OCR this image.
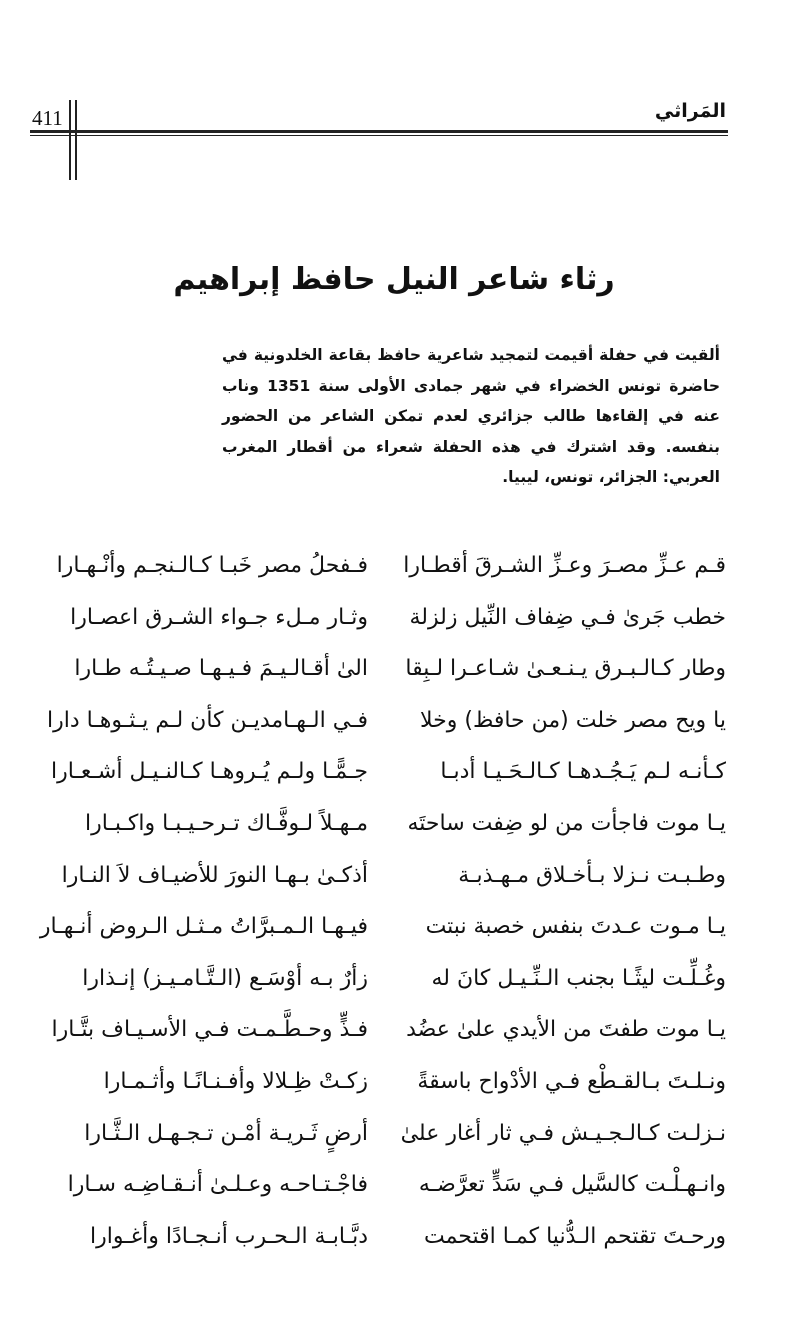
411	المَراثي
رثاء شاعر النيل حافظ إبراهيم
ألقيت في حفلة أقيمت لتمجيد شاعرية حافظ بقاعة الخلدونية في حاضرة تونس الخضراء في شهر جمادى الأولى سنة 1351 وناب عنه في إلقاءها طالب جزائري لعدم تمكن الشاعر من الحضور بنفسه. وقد اشترك في هذه الحفلة شعراء من أقطار المغرب العربي: الجزائر، تونس، ليبيا.
قـم عـزِّ مصـرَ وعـزِّ الشـرقَ أقطـارا
فـفحلُ مصر خَبـا كـالـنجـم وأنْـهـارا
خطب جَرىٰ فـي ضِفاف النِّيل زلزلة
وثـار مـلء جـواء الشـرق اعصـارا
وطار كـالـبـرق يـنـعـىٰ شـاعـرا لـبِقا
الىٰ أقـالـيـمَ فـيـهـا صـيـتُـه طـارا
يا ويح مصر خلت (من حافظ) وخلا
فـي الـهـامديـن كأن لـم يـثـوهـا دارا
كـأنـه لـم يَـجُـدهـا كـالـحَـيـا أدبـا
جـمًّـا ولـم يُـروهـا كـالنـيـل أشـعـارا
يـا موت فاجأت من لو ضِفت ساحتَه
مـهـلاً لـوفَّـاك تـرحـيـبـا واكـبـارا
وطـبـت نـزلا بـأخـلاق مـهـذبـة
أذكـىٰ بـهـا النورَ للأضيـاف لاَ النـارا
يـا مـوت عـدتَ بنفس خصبة نبتت
فيـهـا الـمـبرَّاتُ مـثـل الـروض أنـهـار
وغُـلِّـت ليثًـا بجنب الـنِّـيـل كانَ له
زأرٌ بـه أوْسَـع (الـتَّـامـيـز) إنـذارا
يـا موت طفتَ من الأيدي علىٰ عضُد
فـذٍّ وحـطَّـمـت فـي الأسـيـاف بتَّـارا
ونـلـتَ بـالقـطْع فـي الأدْواح باسقةً
زكـتْ ظِـلالا وأفـنـانًـا وأثـمـارا
نـزلـت كـالـجـيـش فـي ثار أغار علىٰ
أرضٍ ثَـريـة أمْـن تـجـهـل الـثَّـارا
وانـهـلْـت كالسَّيل فـي سَدٍّ تعرَّضـه
فاجْـتـاحـه وعـلـىٰ أنـقـاضِـه سـارا
ورحـتَ تقتحم الـدُّنيا كمـا اقتحمت
دبَّـابـة الـحـرب أنـجـادًا وأغـوارا
